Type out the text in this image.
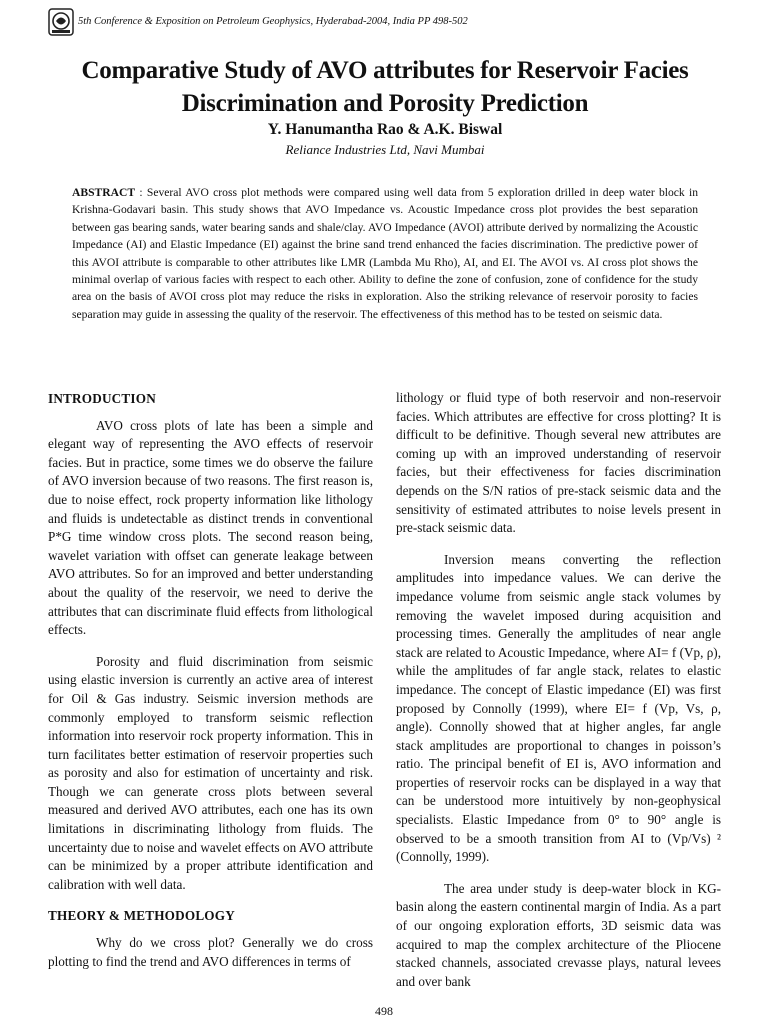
5th Conference & Exposition on Petroleum Geophysics, Hyderabad-2004, India PP 498-502
Comparative Study of AVO attributes for Reservoir Facies Discrimination and Porosity Prediction
Y. Hanumantha Rao & A.K. Biswal
Reliance Industries Ltd, Navi Mumbai
ABSTRACT : Several AVO cross plot methods were compared using well data from 5 exploration drilled in deep water block in Krishna-Godavari basin. This study shows that AVO Impedance vs. Acoustic Impedance cross plot provides the best separation between gas bearing sands, water bearing sands and shale/clay. AVO Impedance (AVOI) attribute derived by normalizing the Acoustic Impedance (AI) and Elastic Impedance (EI) against the brine sand trend enhanced the facies discrimination. The predictive power of this AVOI attribute is comparable to other attributes like LMR (Lambda Mu Rho), AI, and EI. The AVOI vs. AI cross plot shows the minimal overlap of various facies with respect to each other. Ability to define the zone of confusion, zone of confidence for the study area on the basis of AVOI cross plot may reduce the risks in exploration. Also the striking relevance of reservoir porosity to facies separation may guide in assessing the quality of the reservoir. The effectiveness of this method has to be tested on seismic data.
INTRODUCTION

AVO cross plots of late has been a simple and elegant way of representing the AVO effects of reservoir facies. But in practice, some times we do observe the failure of AVO inversion because of two reasons. The first reason is, due to noise effect, rock property information like lithology and fluids is undetectable as distinct trends in conventional P*G time window cross plots. The second reason being, wavelet variation with offset can generate leakage between AVO attributes. So for an improved and better understanding about the quality of the reservoir, we need to derive the attributes that can discriminate fluid effects from lithological effects.

Porosity and fluid discrimination from seismic using elastic inversion is currently an active area of interest for Oil & Gas industry. Seismic inversion methods are commonly employed to transform seismic reflection information into reservoir rock property information. This in turn facilitates better estimation of reservoir properties such as porosity and also for estimation of uncertainty and risk. Though we can generate cross plots between several measured and derived AVO attributes, each one has its own limitations in discriminating lithology from fluids. The uncertainty due to noise and wavelet effects on AVO attribute can be minimized by a proper attribute identification and calibration with well data.

THEORY & METHODOLOGY

Why do we cross plot? Generally we do cross plotting to find the trend and AVO differences in terms of

lithology or fluid type of both reservoir and non-reservoir facies. Which attributes are effective for cross plotting? It is difficult to be definitive. Though several new attributes are coming up with an improved understanding of reservoir facies, but their effectiveness for facies discrimination depends on the S/N ratios of pre-stack seismic data and the sensitivity of estimated attributes to noise levels present in pre-stack seismic data.

Inversion means converting the reflection amplitudes into impedance values. We can derive the impedance volume from seismic angle stack volumes by removing the wavelet imposed during acquisition and processing times. Generally the amplitudes of near angle stack are related to Acoustic Impedance, where AI= f (Vp, ρ), while the amplitudes of far angle stack, relates to elastic impedance. The concept of Elastic impedance (EI) was first proposed by Connolly (1999), where EI= f (Vp, Vs, ρ, angle). Connolly showed that at higher angles, far angle stack amplitudes are proportional to changes in poisson’s ratio. The principal benefit of EI is, AVO information and properties of reservoir rocks can be displayed in a way that can be understood more intuitively by non-geophysical specialists. Elastic Impedance from 0° to 90° angle is observed to be a smooth transition from AI to (Vp/Vs) ² (Connolly, 1999).

The area under study is deep-water block in KG-basin along the eastern continental margin of India. As a part of our ongoing exploration efforts, 3D seismic data was acquired to map the complex architecture of the Pliocene stacked channels, associated crevasse plays, natural levees and over bank

498
